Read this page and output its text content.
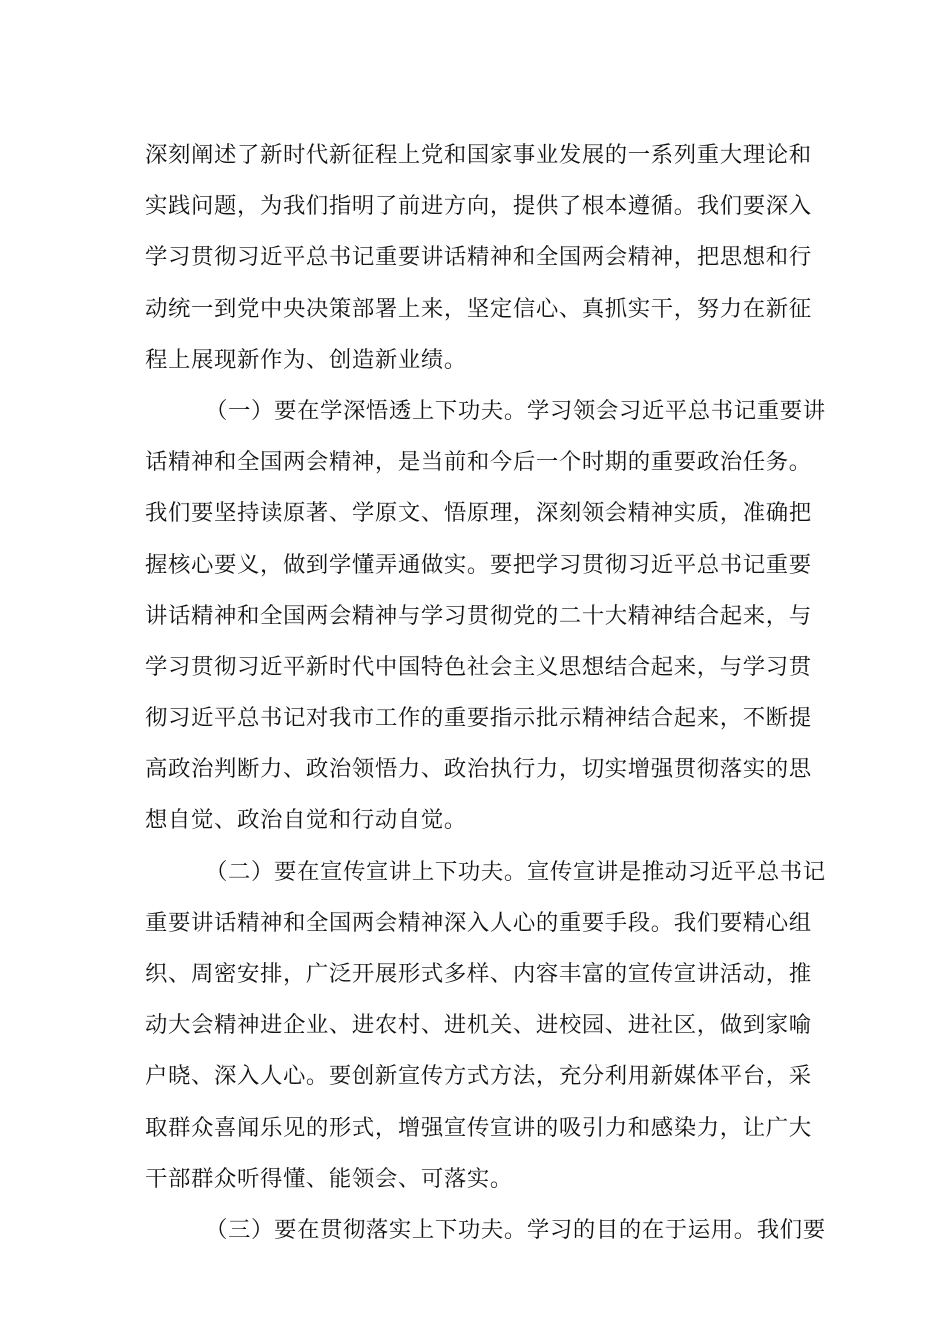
深刻阐述了新时代新征程上党和国家事业发展的一系列重大理论和
实践问题，为我们指明了前进方向，提供了根本遵循。我们要深入
学习贯彻习近平总书记重要讲话精神和全国两会精神，把思想和行
动统一到党中央决策部署上来，坚定信心、真抓实干，努力在新征
程上展现新作为、创造新业绩。
（一）要在学深悟透上下功夫。学习领会习近平总书记重要讲
话精神和全国两会精神，是当前和今后一个时期的重要政治任务。
我们要坚持读原著、学原文、悟原理，深刻领会精神实质，准确把
握核心要义，做到学懂弄通做实。要把学习贯彻习近平总书记重要
讲话精神和全国两会精神与学习贯彻党的二十大精神结合起来，与
学习贯彻习近平新时代中国特色社会主义思想结合起来，与学习贯
彻习近平总书记对我市工作的重要指示批示精神结合起来，不断提
高政治判断力、政治领悟力、政治执行力，切实增强贯彻落实的思
想自觉、政治自觉和行动自觉。
（二）要在宣传宣讲上下功夫。宣传宣讲是推动习近平总书记
重要讲话精神和全国两会精神深入人心的重要手段。我们要精心组
织、周密安排，广泛开展形式多样、内容丰富的宣传宣讲活动，推
动大会精神进企业、进农村、进机关、进校园、进社区，做到家喻
户晓、深入人心。要创新宣传方式方法，充分利用新媒体平台，采
取群众喜闻乐见的形式，增强宣传宣讲的吸引力和感染力，让广大
干部群众听得懂、能领会、可落实。
（三）要在贯彻落实上下功夫。学习的目的在于运用。我们要
